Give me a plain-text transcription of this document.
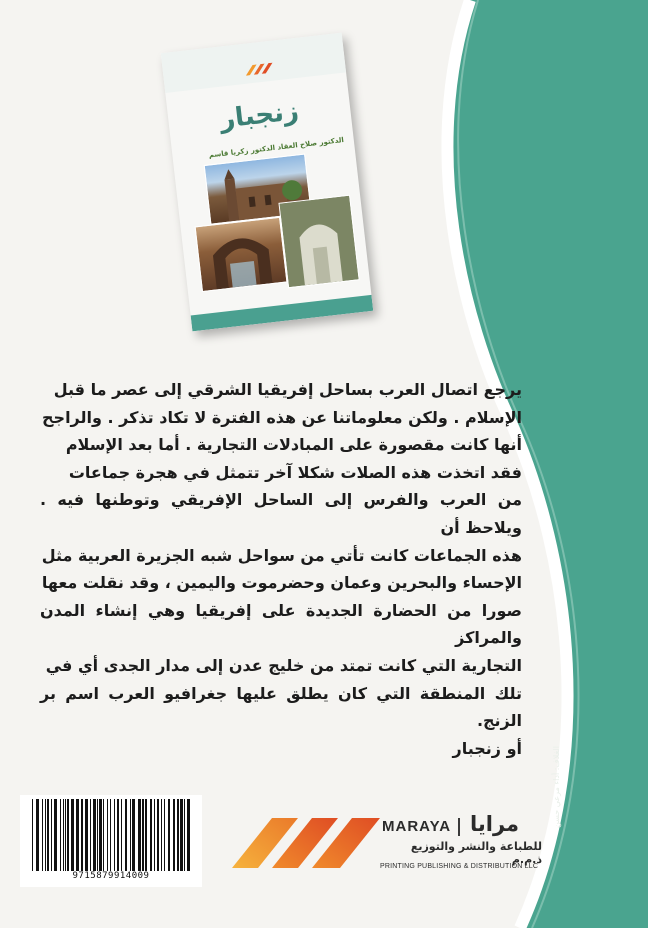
زنجبار
الدكتور صلاح العقاد الدكتور زكريا قاسم

يرجع اتصال العرب بساحل إفريقيا الشرقي إلى عصر ما قبل

الإسلام . ولكن معلوماتنا عن هذه الفترة لا تكاد تذكر . والراجح

أنها كانت مقصورة على المبادلات التجارية . أما بعد الإسلام

فقد اتخذت هذه الصلات شكلا آخر تتمثل في هجرة جماعات

من العرب والفرس إلى الساحل الإفريقي وتوطنها فيه . ويلاحظ أن

هذه الجماعات كانت تأتي من سواحل شبه الجزيرة العربية مثل

الإحساء والبحرين وعمان وحضرموت واليمين ، وقد نقلت معها

صورا من الحضارة الجديدة على إفريقيا وهي إنشاء المدن والمراكز

التجارية التي كانت تمتد من خليج عدن إلى مدار الجدى أي في

تلك المنطقة التي كان يطلق عليها جغرافيو العرب اسم بر الزنج.

أو زنجبار

9715879914009
MARAYA مرايا
للطباعة والنشر والتوزيع ذ.م.م
PRINTING PUBLISHING & DISTRIBUTION LLC
الغلاف: أداء مرعي حسن
